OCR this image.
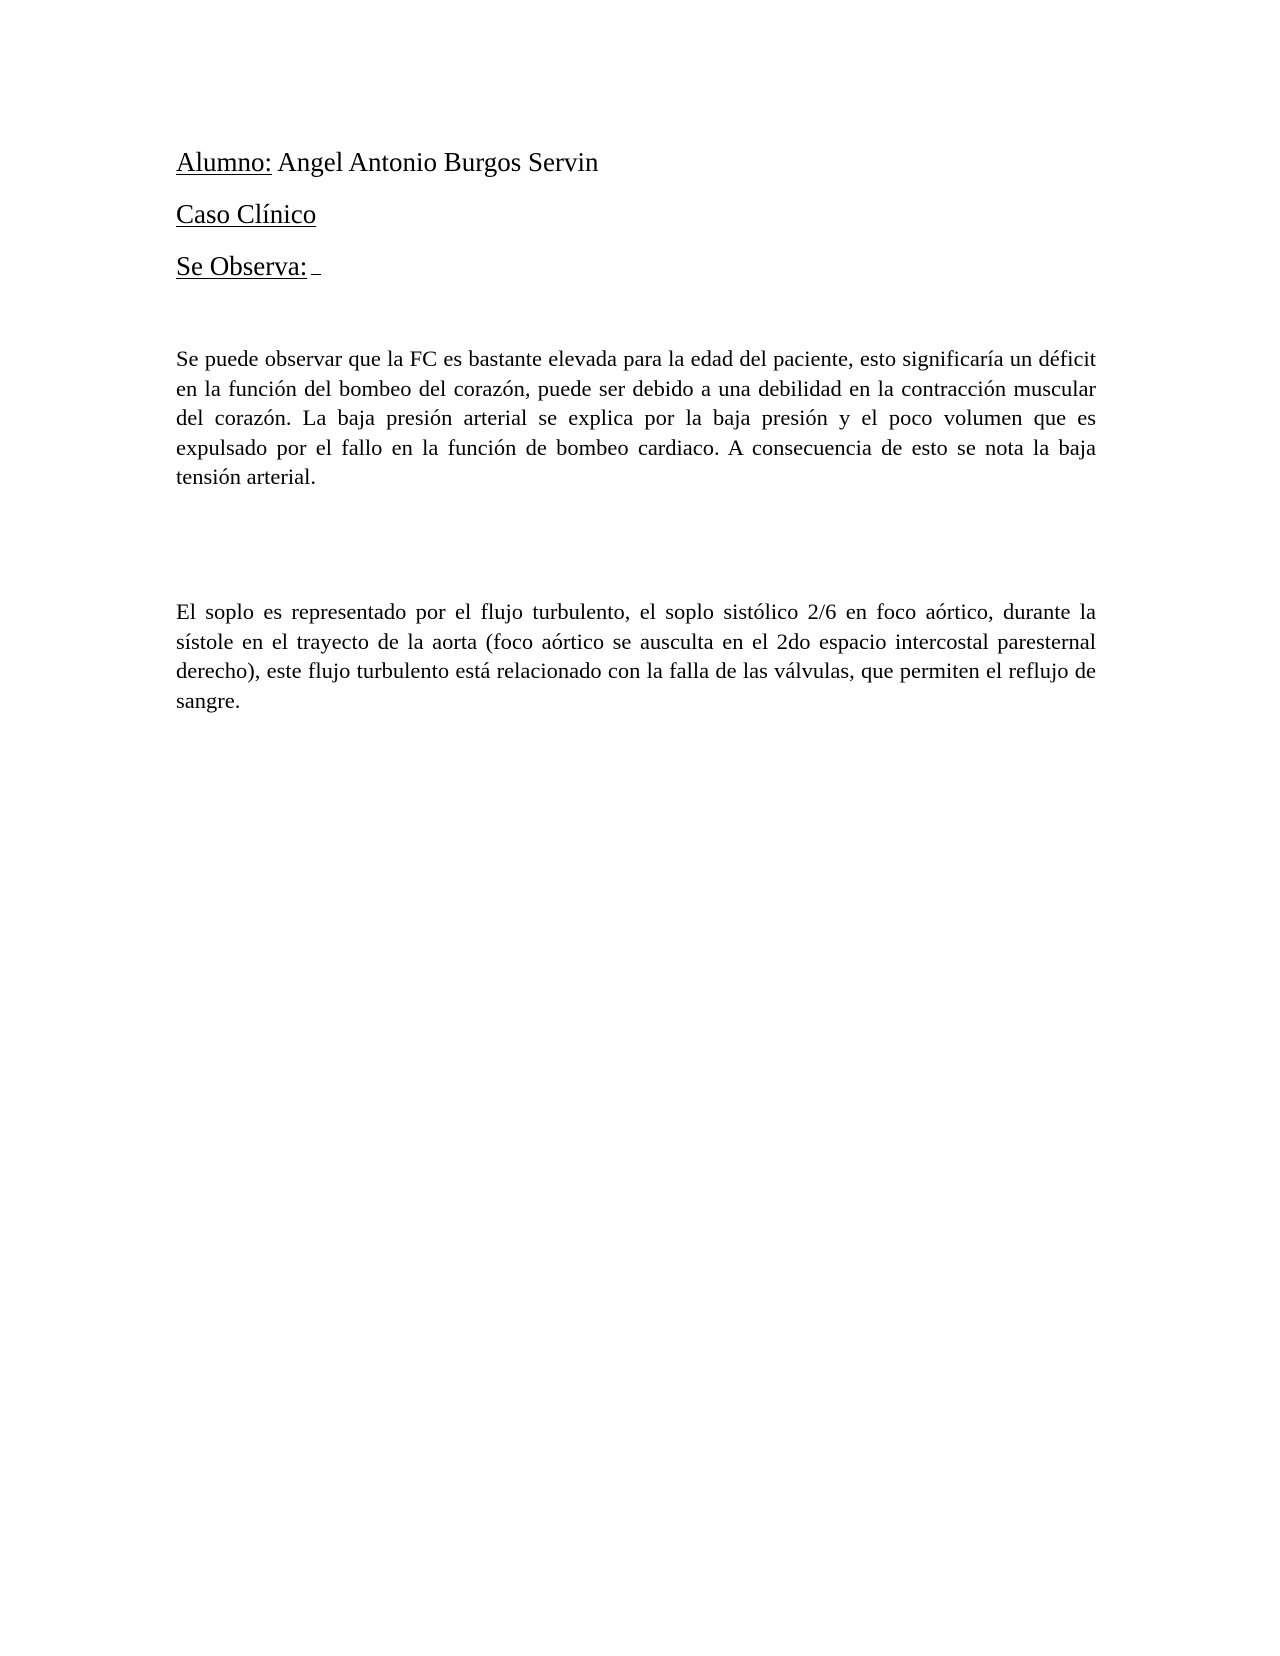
Alumno: Angel Antonio Burgos Servin
Caso Clínico
Se Observa:

Se puede observar que la FC es bastante elevada para la edad del paciente, esto significaría un déficit en la función del bombeo del corazón, puede ser debido a una debilidad en la contracción muscular del corazón. La baja presión arterial se explica por la baja presión y el poco volumen que es expulsado por el fallo en la función de bombeo cardiaco. A consecuencia de esto se nota la baja tensión arterial.

El soplo es representado por el flujo turbulento, el soplo sistólico 2/6 en foco aórtico, durante la sístole en el trayecto de la aorta (foco aórtico se ausculta en el 2do espacio intercostal paresternal derecho), este flujo turbulento está relacionado con la falla de las válvulas, que permiten el reflujo de sangre.
